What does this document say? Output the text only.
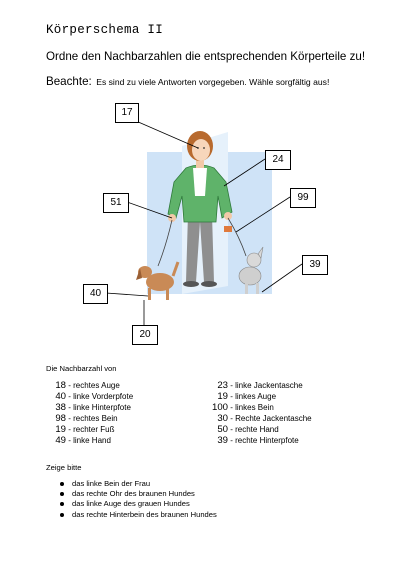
Körperschema II
Ordne den Nachbarzahlen die entsprechenden Körperteile zu!
Beachte: Es sind zu viele Antworten vorgegeben. Wähle sorgfältig aus!
17
24
51	99
39
40
20
Die Nachbarzahl von
18 - rechtes Auge
40 - linke Vorderpfote
38 - linke Hinterpfote
98 - rechtes Bein
19 - rechter Fuß
49 - linke Hand
23 - linke Jackentasche
19 - linkes Auge
100 - linkes Bein
30 - Rechte Jackentasche
50 - rechte Hand
39 - rechte Hinterpfote
Zeige bitte
das linke Bein der Frau
das rechte Ohr des braunen Hundes
das linke Auge des grauen Hundes
das rechte Hinterbein des braunen Hundes
